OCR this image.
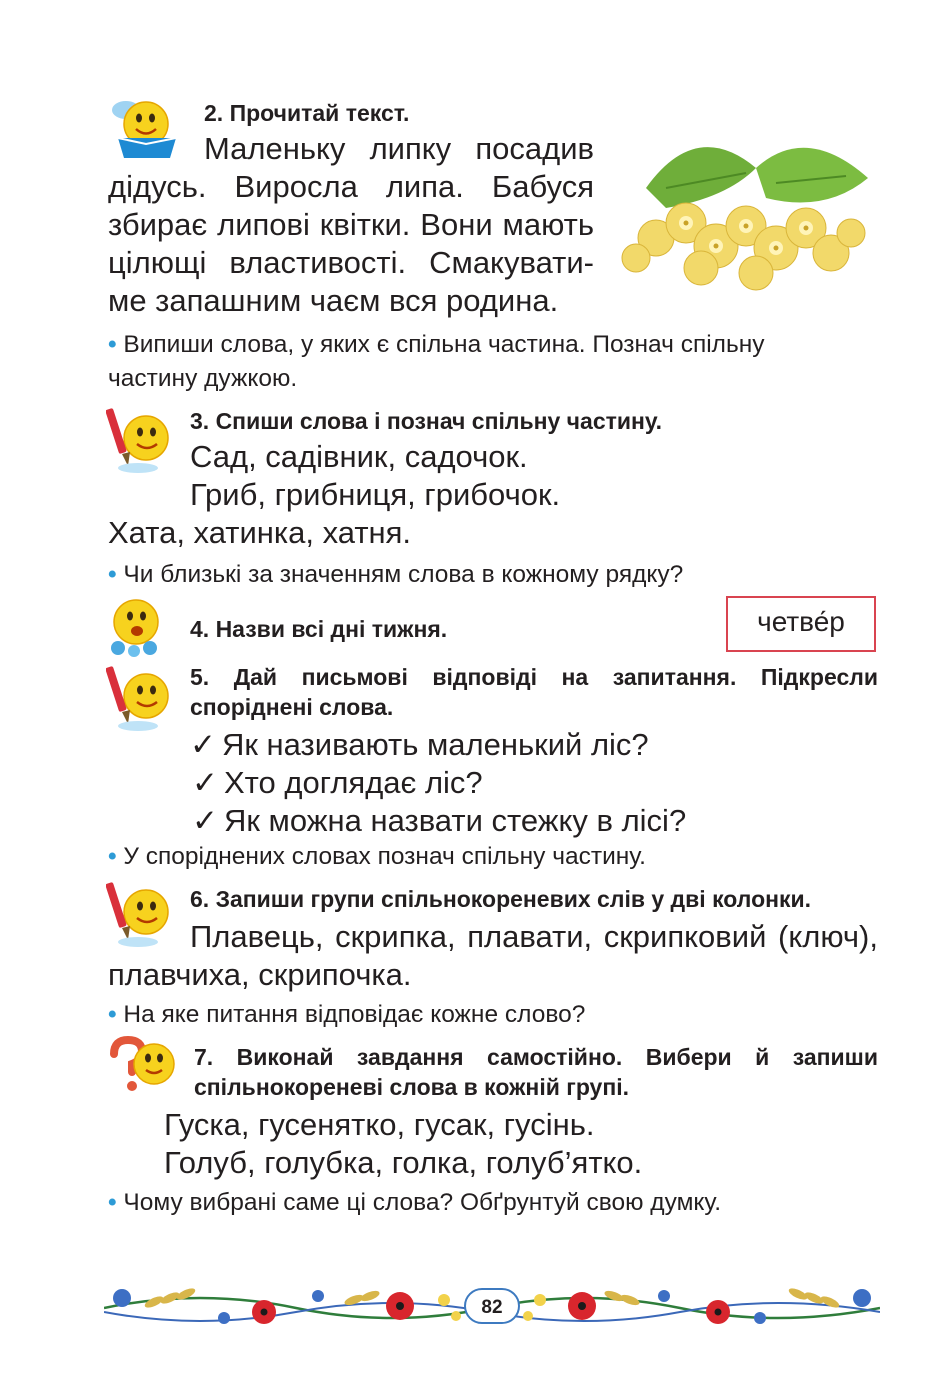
2. Прочитай текст.
Маленьку липку посадив
дідусь. Виросла липа. Бабуся
збирає липові квітки. Вони мають
цілющі властивості. Смакувати-
ме запашним чаєм вся родина.
• Випиши слова, у яких є спільна частина. Познач спільну
частину дужкою.
3. Спиши слова і познач спільну частину.
Сад, садівник, садочок.
Гриб, грибниця, грибочок.
Хата, хатинка, хатня.
• Чи близькі за значенням слова в кожному рядку?
4. Назви всі дні тижня.	четве́р
5. Дай письмові відповіді на запитання. Підкресли
споріднені слова.
✓ Як називають маленький ліс?
✓ Хто доглядає ліс?
✓ Як можна назвати стежку в лісі?
• У споріднених словах познач спільну частину.
6. Запиши групи спільнокореневих слів у дві колонки.
Плавець, скрипка, плавати, скрипковий (ключ),
плавчиха, скрипочка.
• На яке питання відповідає кожне слово?
7. Виконай завдання самостійно. Вибери й запиши
спільнокореневі слова в кожній групі.
Гуска, гусенятко, гусак, гусінь.
Голуб, голубка, голка, голуб’ятко.
• Чому вибрані саме ці слова? Обґрунтуй свою думку.
82
